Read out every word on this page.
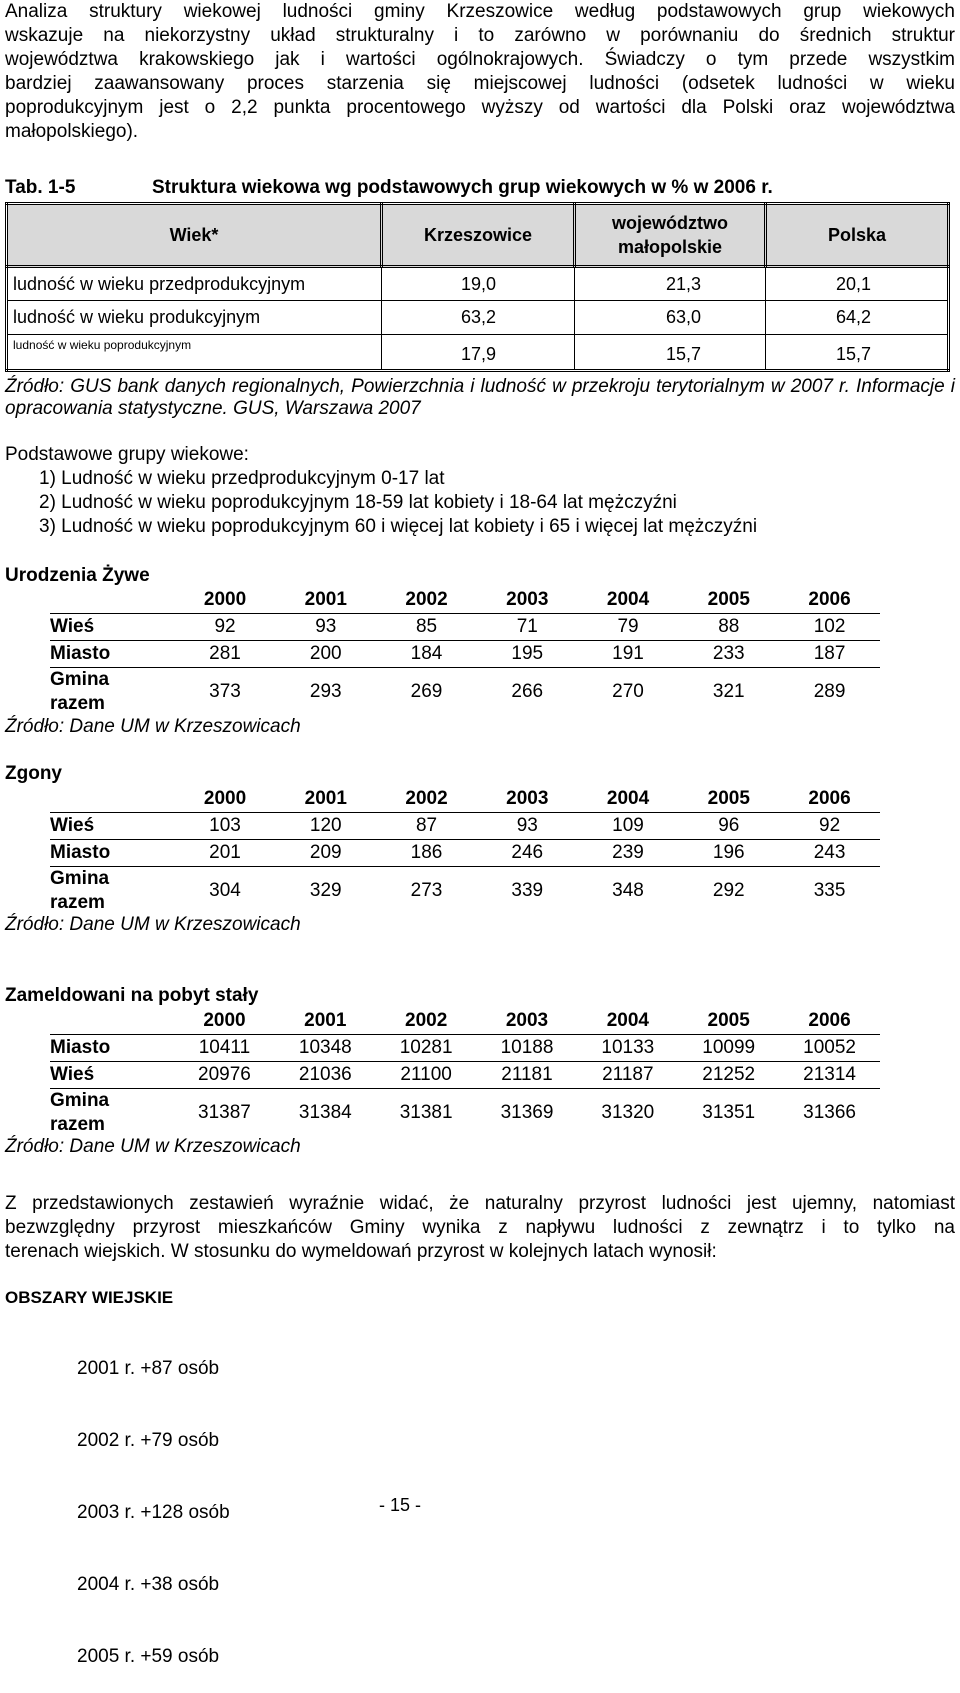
Analiza struktury wiekowej ludności gminy Krzeszowice według podstawowych grup wiekowych
wskazuje na niekorzystny układ strukturalny i to zarówno w porównaniu do średnich struktur
województwa krakowskiego jak i wartości ogólnokrajowych. Świadczy o tym przede wszystkim
bardziej zaawansowany proces starzenia się miejscowej ludności (odsetek ludności w wieku
poprodukcyjnym jest o 2,2 punkta procentowego wyższy od wartości dla Polski oraz województwa
małopolskiego).
Tab. 1-5	Struktura wiekowa wg podstawowych grup wiekowych w % w 2006 r.
Wiek*	Krzeszowice	województwo małopolskie	Polska
ludność w wieku przedprodukcyjnym	19,0	21,3	20,1
ludność w wieku produkcyjnym	63,2	63,0	64,2
ludność w wieku poprodukcyjnym	17,9	15,7	15,7
Źródło: GUS bank danych regionalnych, Powierzchnia i ludność w przekroju terytorialnym w 2007 r. Informacje i
opracowania statystyczne. GUS, Warszawa 2007
Podstawowe grupy wiekowe:
1) Ludność w wieku przedprodukcyjnym 0-17 lat
2) Ludność w wieku poprodukcyjnym 18-59 lat kobiety i 18-64 lat mężczyźni
3) Ludność w wieku poprodukcyjnym 60 i więcej lat kobiety i 65 i więcej lat mężczyźni
Urodzenia Żywe
	2000	2001	2002	2003	2004	2005	2006
Wieś	92	93	85	71	79	88	102
Miasto	281	200	184	195	191	233	187
Gmina razem	373	293	269	266	270	321	289
Źródło: Dane UM w Krzeszowicach
Zgony
	2000	2001	2002	2003	2004	2005	2006
Wieś	103	120	87	93	109	96	92
Miasto	201	209	186	246	239	196	243
Gmina razem	304	329	273	339	348	292	335
Źródło: Dane UM w Krzeszowicach
Zameldowani na pobyt stały
	2000	2001	2002	2003	2004	2005	2006
Miasto	10411	10348	10281	10188	10133	10099	10052
Wieś	20976	21036	21100	21181	21187	21252	21314
Gmina razem	31387	31384	31381	31369	31320	31351	31366
Źródło: Dane UM w Krzeszowicach
Z przedstawionych zestawień wyraźnie widać, że naturalny przyrost ludności jest ujemny, natomiast
bezwzględny przyrost mieszkańców Gminy wynika z napływu ludności z zewnątrz i to tylko na
terenach wiejskich. W stosunku do wymeldowań przyrost w kolejnych latach wynosił:
OBSZARY WIEJSKIE

2001 r. +87 osób

2002 r. +79 osób

2003 r. +128 osób

2004 r. +38 osób

2005 r. +59 osób

- 15 -
